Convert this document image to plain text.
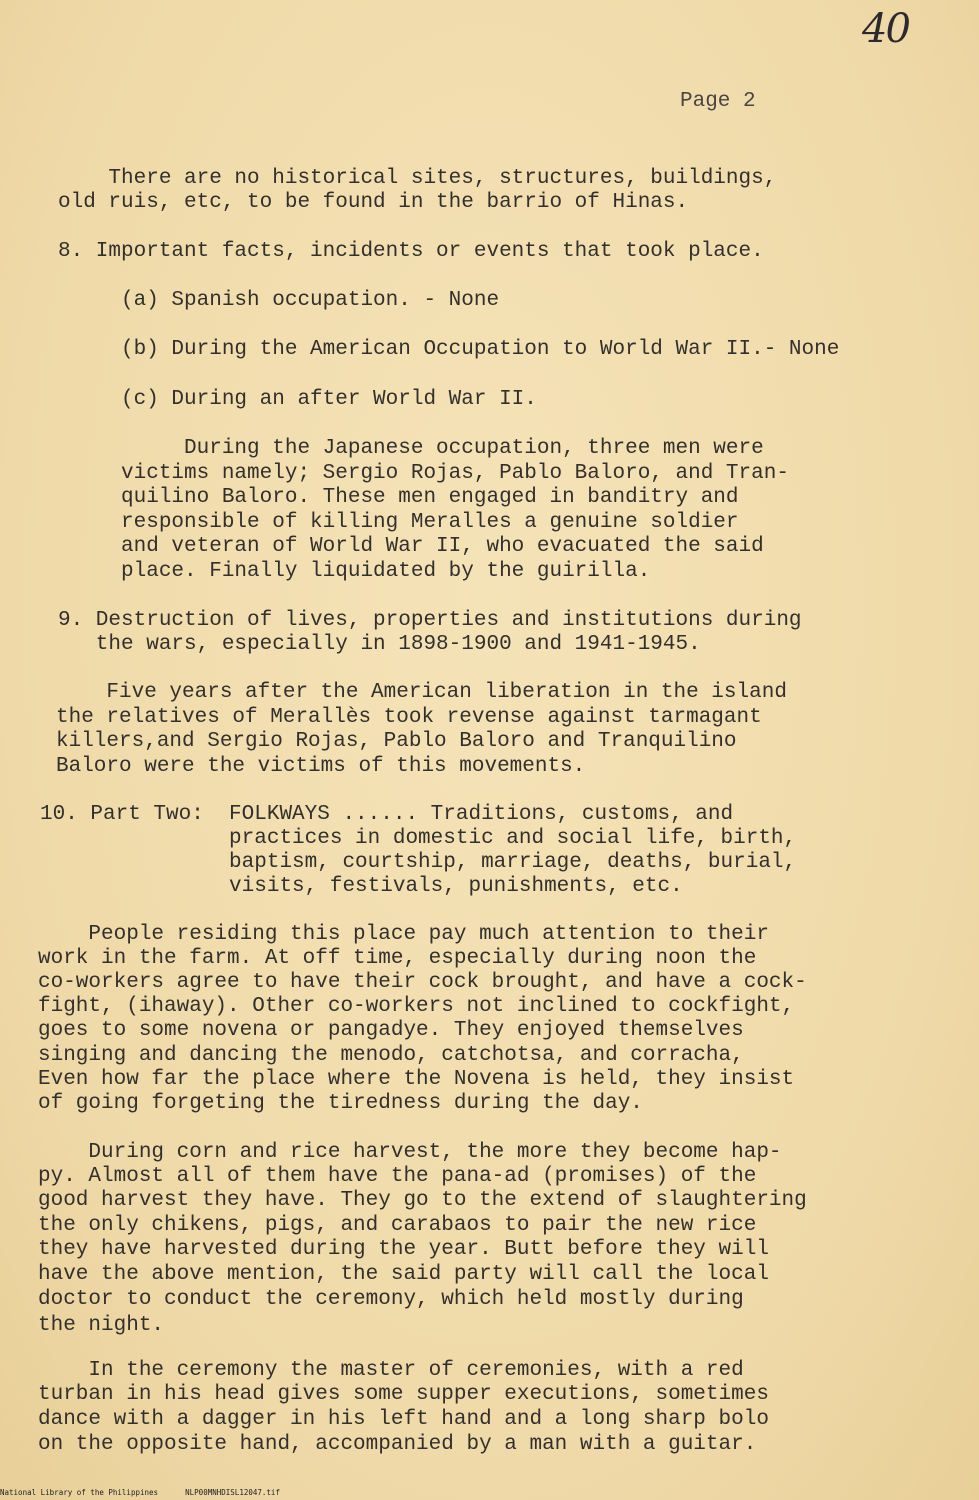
40
Page 2
There are no historical sites, structures, buildings,
old ruis, etc, to be found in the barrio of Hinas.
8. Important facts, incidents or events that took place.
(a) Spanish occupation. - None
(b) During the American Occupation to World War II.- None
(c) During an after World War II.
During the Japanese occupation, three men were
victims namely; Sergio Rojas, Pablo Baloro, and Tran-
quilino Baloro. These men engaged in banditry and
responsible of killing Meralles a genuine soldier
and veteran of World War II, who evacuated the said
place. Finally liquidated by the guirilla.
9. Destruction of lives, properties and institutions during
the wars, especially in 1898-1900 and 1941-1945.
Five years after the American liberation in the island
the relatives of Merallès took revense against tarmagant
killers,and Sergio Rojas, Pablo Baloro and Tranquilino
Baloro were the victims of this movements.
10. Part Two:  FOLKWAYS ...... Traditions, customs, and
practices in domestic and social life, birth,
baptism, courtship, marriage, deaths, burial,
visits, festivals, punishments, etc.
People residing this place pay much attention to their
work in the farm. At off time, especially during noon the
co-workers agree to have their cock brought, and have a cock-
fight, (ihaway). Other co-workers not inclined to cockfight,
goes to some novena or pangadye. They enjoyed themselves
singing and dancing the menodo, catchotsa, and corracha,
Even how far the place where the Novena is held, they insist
of going forgeting the tiredness during the day.
During corn and rice harvest, the more they become hap-
py. Almost all of them have the pana-ad (promises) of the
good harvest they have. They go to the extend of slaughtering
the only chikens, pigs, and carabaos to pair the new rice
they have harvested during the year. Butt before they will
have the above mention, the said party will call the local
doctor to conduct the ceremony, which held mostly during
the night.
In the ceremony the master of ceremonies, with a red
turban in his head gives some supper executions, sometimes
dance with a dagger in his left hand and a long sharp bolo
on the opposite hand, accompanied by a man with a guitar.
National Library of the Philippines	NLP00MNHDISL12047.tif
